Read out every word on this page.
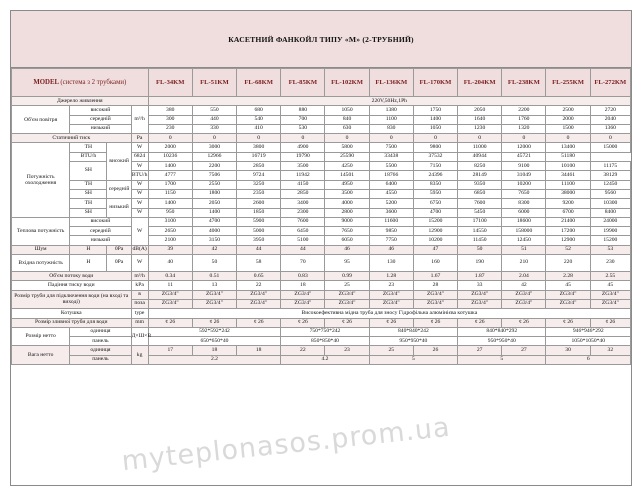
КАСЕТНИЙ ФАНКОЙЛ ТИПУ «М» (2-ТРУБНИЙ)
MODEL (система з 2 трубками)				FL-34KM	FL-51KM	FL-68KM	FL-85KM	FL-102KM	FL-136KM	FL-170KM	FL-204KM	FL-238KM	FL-255KM	FL-272KM
Джерело живлення				220V,50Hz,1Ph										
Об'єм повітря	високий		m³/h	380	550	680	880	1050	1380	1750	2050	2200	2500	2720
	середній			300	440	540	700	840	1100	1400	1640	1760	2000	2040
	низький			230	330	410	530	630	830	1050	1230	1320	1500	1360
Статичний тиск			Pa	0	0	0	0	0	0	0	0	0	0	0
Потужність охолодження	TH	високий	W	2000	3000	3800	4900	5800	7500	9800	11000	12000	13400	15000
	BTU/h		6824	10236	12966	16719	19790	25590	33438	37532	40944	45721	51180	
	SH		W	1400	2200	2850	3500	4250	5500	7150	8250	9100	10100	11175
			BTU/h	4777	7506	9724	11942	14501	18766	24396	28149	31049	34461	38129
	TH	середній	W	1700	2550	3250	4150	4950	6400	8350	9350	10200	11100	12450
	SH		W	1150	1800	2350	2850	3500	4550	5950	6850	7650	38000	9560
	TH	низький	W	1400	2050	2600	3400	4000	5200	6750	7600	8300	9200	10300
	SH		W	950	1400	1850	2300	2800	3600	4700	5450	6000	6700	8400
Теплова потужність	високий		W	3100	4700	5900	7600	9000	11600	15200	17100	18600	21400	24000
	середній			2650	4000	5000	6450	7650	9850	12900	14550	158000	17200	19900
	низький			2100	3150	3950	5100	6050	7750	10200	11450	12450	12900	15200
Шум	H	0Pa	dB(A)	39	42	44	44	46	46	47	50	51	52	53
Вхідна потужність	H	0Pa	W	40	50	58	70	95	130	160	190	210	220	230
Об'єм потоку води			m³/h	0.34	0.51	0.65	0.83	0.99	1.28	1.67	1.87	2.04	2.28	2.55
Падіння тиску води			kPa	11	13	22	18	25	23	28	33	42	45	45
Розмір труби для підключення води (на вході та виході)			в	ZG3/4"	ZG3/4"	ZG3/4"	ZG3/4"	ZG3/4"	ZG3/4"	ZG3/4"	ZG3/4"	ZG3/4"	ZG3/4"	ZG3/4"
			поза	ZG3/4"	ZG3/4"	ZG3/4"	ZG3/4"	ZG3/4"	ZG3/4"	ZG3/4"	ZG3/4"	ZG3/4"	ZG3/4"	ZG3/4"
Котушка			type	Високоефективна мідна труба для зносу Гідрофільна алюмінієва котушка										
Розмір зливної труби для води			mm	¢ 26	¢ 26	¢ 26	¢ 26	¢ 26	¢ 26	¢ 26	¢ 26	¢ 26	¢ 26	¢ 26
Розмір нетто	одиниця		Д×Ш×В	592*592*242			750*750*242		840*840*242		840*840*292		946*946*292	
	панель			650*650*40			850*850*40		950*950*40		950*950*40		1050*1050*40	
Вага нетто	одиниця		kg	17	18	18	22	23	25	26	27	27	30	32
	панель			2.2			4.2		5		5		6	
myteplonasos.prom.ua
